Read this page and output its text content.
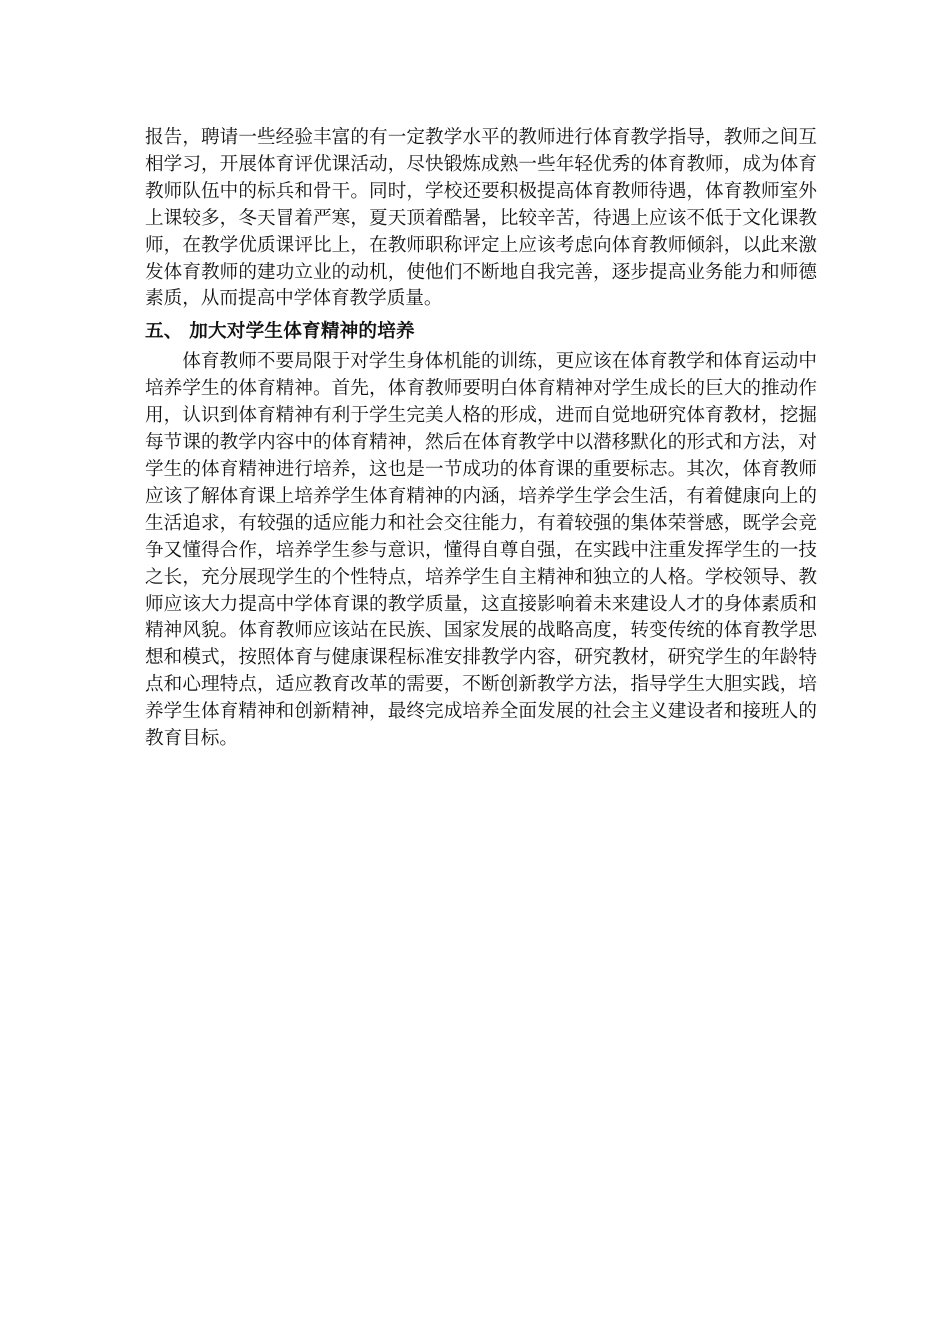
报告，聘请一些经验丰富的有一定教学水平的教师进行体育教学指导，教师之间互相学习，开展体育评优课活动，尽快锻炼成熟一些年轻优秀的体育教师，成为体育教师队伍中的标兵和骨干。同时，学校还要积极提高体育教师待遇，体育教师室外上课较多，冬天冒着严寒，夏天顶着酷暑，比较辛苦，待遇上应该不低于文化课教师，在教学优质课评比上，在教师职称评定上应该考虑向体育教师倾斜，以此来激发体育教师的建功立业的动机，使他们不断地自我完善，逐步提高业务能力和师德素质，从而提高中学体育教学质量。

五、 加大对学生体育精神的培养

体育教师不要局限于对学生身体机能的训练，更应该在体育教学和体育运动中培养学生的体育精神。首先，体育教师要明白体育精神对学生成长的巨大的推动作用，认识到体育精神有利于学生完美人格的形成，进而自觉地研究体育教材，挖掘每节课的教学内容中的体育精神，然后在体育教学中以潜移默化的形式和方法，对学生的体育精神进行培养，这也是一节成功的体育课的重要标志。其次，体育教师应该了解体育课上培养学生体育精神的内涵，培养学生学会生活，有着健康向上的生活追求，有较强的适应能力和社会交往能力，有着较强的集体荣誉感，既学会竞争又懂得合作，培养学生参与意识，懂得自尊自强，在实践中注重发挥学生的一技之长，充分展现学生的个性特点，培养学生自主精神和独立的人格。学校领导、教师应该大力提高中学体育课的教学质量，这直接影响着未来建设人才的身体素质和精神风貌。体育教师应该站在民族、国家发展的战略高度，转变传统的体育教学思想和模式，按照体育与健康课程标准安排教学内容，研究教材，研究学生的年龄特点和心理特点，适应教育改革的需要，不断创新教学方法，指导学生大胆实践，培养学生体育精神和创新精神，最终完成培养全面发展的社会主义建设者和接班人的教育目标。
